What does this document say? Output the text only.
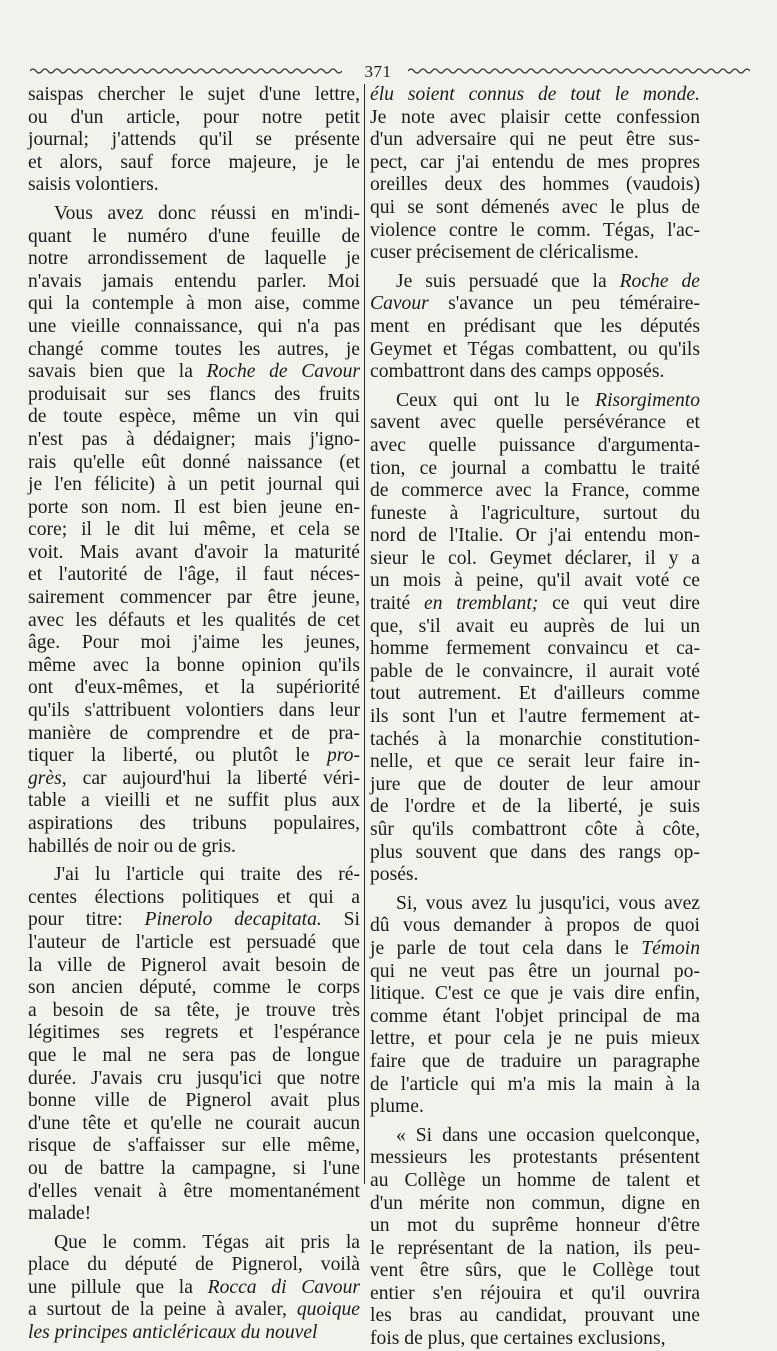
371
saispas chercher le sujet d'une lettre,
ou d'un article, pour notre petit
journal; j'attends qu'il se présente
et alors, sauf force majeure, je le
saisis volontiers.
Vous avez donc réussi en m'indi-
quant le numéro d'une feuille de
notre arrondissement de laquelle je
n'avais jamais entendu parler. Moi
qui la contemple à mon aise, comme
une vieille connaissance, qui n'a pas
changé comme toutes les autres, je
savais bien que la Roche de Cavour
produisait sur ses flancs des fruits
de toute espèce, même un vin qui
n'est pas à dédaigner; mais j'igno-
rais qu'elle eût donné naissance (et
je l'en félicite) à un petit journal qui
porte son nom. Il est bien jeune en-
core; il le dit lui même, et cela se
voit. Mais avant d'avoir la maturité
et l'autorité de l'âge, il faut néces-
sairement commencer par être jeune,
avec les défauts et les qualités de cet
âge. Pour moi j'aime les jeunes,
même avec la bonne opinion qu'ils
ont d'eux-mêmes, et la supériorité
qu'ils s'attribuent volontiers dans leur
manière de comprendre et de pra-
tiquer la liberté, ou plutôt le pro-
grès, car aujourd'hui la liberté véri-
table a vieilli et ne suffit plus aux
aspirations des tribuns populaires,
habillés de noir ou de gris.
J'ai lu l'article qui traite des ré-
centes élections politiques et qui a
pour titre: Pinerolo decapitata. Si
l'auteur de l'article est persuadé que
la ville de Pignerol avait besoin de
son ancien député, comme le corps
a besoin de sa tête, je trouve très
légitimes ses regrets et l'espérance
que le mal ne sera pas de longue
durée. J'avais cru jusqu'ici que notre
bonne ville de Pignerol avait plus
d'une tête et qu'elle ne courait aucun
risque de s'affaisser sur elle même,
ou de battre la campagne, si l'une
d'elles venait à être momentanément
malade!
Que le comm. Tégas ait pris la
place du député de Pignerol, voilà
une pillule que la Rocca di Cavour
a surtout de la peine à avaler, quoique
les principes anticléricaux du nouvel
élu soient connus de tout le monde.
Je note avec plaisir cette confession
d'un adversaire qui ne peut être sus-
pect, car j'ai entendu de mes propres
oreilles deux des hommes (vaudois)
qui se sont démenés avec le plus de
violence contre le comm. Tégas, l'ac-
cuser précisement de cléricalisme.
Je suis persuadé que la Roche de
Cavour s'avance un peu téméraire-
ment en prédisant que les députés
Geymet et Tégas combattent, ou qu'ils
combattront dans des camps opposés.
Ceux qui ont lu le Risorgimento
savent avec quelle persévérance et
avec quelle puissance d'argumenta-
tion, ce journal a combattu le traité
de commerce avec la France, comme
funeste à l'agriculture, surtout du
nord de l'Italie. Or j'ai entendu mon-
sieur le col. Geymet déclarer, il y a
un mois à peine, qu'il avait voté ce
traité en tremblant; ce qui veut dire
que, s'il avait eu auprès de lui un
homme fermement convaincu et ca-
pable de le convaincre, il aurait voté
tout autrement. Et d'ailleurs comme
ils sont l'un et l'autre fermement at-
tachés à la monarchie constitution-
nelle, et que ce serait leur faire in-
jure que de douter de leur amour
de l'ordre et de la liberté, je suis
sûr qu'ils combattront côte à côte,
plus souvent que dans des rangs op-
posés.
Si, vous avez lu jusqu'ici, vous avez
dû vous demander à propos de quoi
je parle de tout cela dans le Témoin
qui ne veut pas être un journal po-
litique. C'est ce que je vais dire enfin,
comme étant l'objet principal de ma
lettre, et pour cela je ne puis mieux
faire que de traduire un paragraphe
de l'article qui m'a mis la main à la
plume.
« Si dans une occasion quelconque,
messieurs les protestants présentent
au Collège un homme de talent et
d'un mérite non commun, digne en
un mot du suprême honneur d'être
le représentant de la nation, ils peu-
vent être sûrs, que le Collège tout
entier s'en réjouira et qu'il ouvrira
les bras au candidat, prouvant une
fois de plus, que certaines exclusions,
